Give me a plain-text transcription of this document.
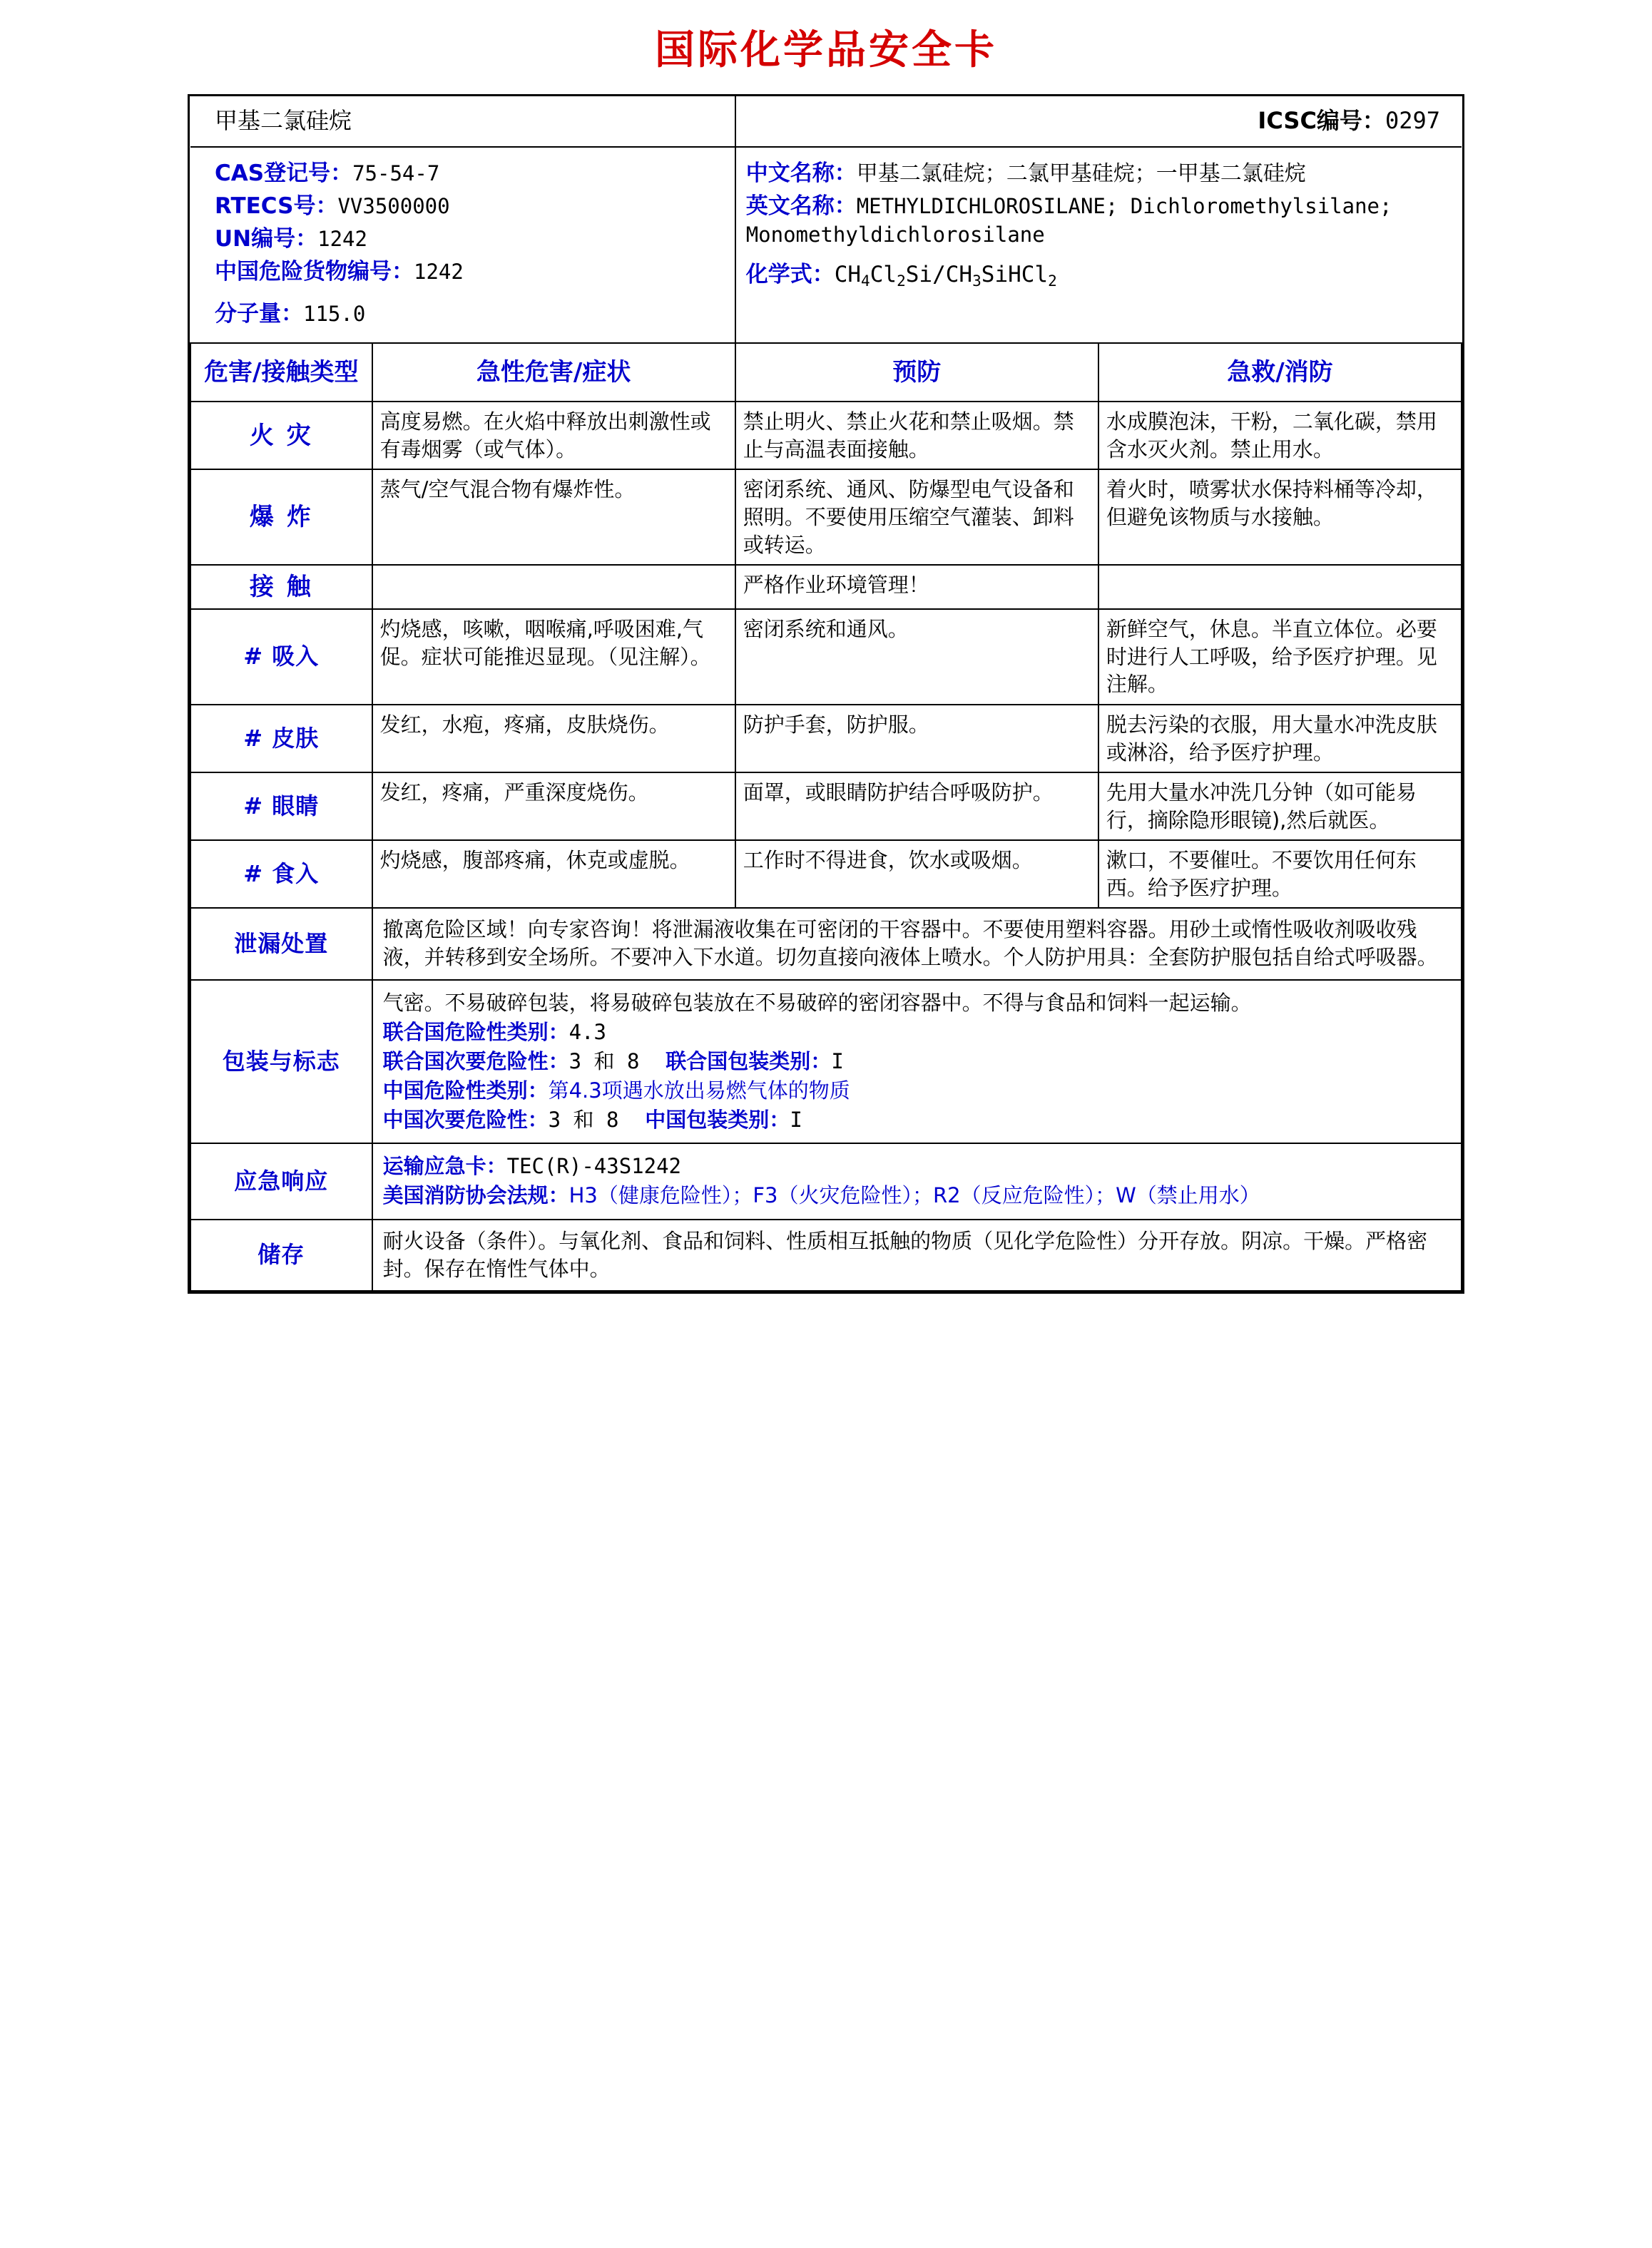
国际化学品安全卡
甲基二氯硅烷		ICSC编号：0297	

CAS登记号：75-54-7
RTECS号：VV3500000
UN编号：1242
中国危险货物编号：1242
分子量：115.0

中文名称：甲基二氯硅烷；二氯甲基硅烷；一甲基二氯硅烷
英文名称：METHYLDICHLOROSILANE; Dichloromethylsilane; Monomethyldichlorosilane
化学式：$CH_4Cl_2Si/CH_3SiHCl_2$

危害/接触类型	急性危害/症状	预防	急救/消防
火 灾	高度易燃。在火焰中释放出刺激性或有毒烟雾（或气体）。	禁止明火、禁止火花和禁止吸烟。禁止与高温表面接触。	水成膜泡沫，干粉，二氧化碳，禁用含水灭火剂。禁止用水。
爆 炸	蒸气/空气混合物有爆炸性。	密闭系统、通风、防爆型电气设备和照明。不要使用压缩空气灌装、卸料或转运。	着火时，喷雾状水保持料桶等冷却，但避免该物质与水接触。
接 触		严格作业环境管理！	
# 吸入	灼烧感，咳嗽，咽喉痛,呼吸困难,气促。症状可能推迟显现。（见注解）。	密闭系统和通风。	新鲜空气，休息。半直立体位。必要时进行人工呼吸，给予医疗护理。见注解。
# 皮肤	发红，水疱，疼痛，皮肤烧伤。	防护手套，防护服。	脱去污染的衣服，用大量水冲洗皮肤或淋浴，给予医疗护理。
# 眼睛	发红，疼痛，严重深度烧伤。	面罩，或眼睛防护结合呼吸防护。	先用大量水冲洗几分钟（如可能易行，摘除隐形眼镜),然后就医。
# 食入	灼烧感，腹部疼痛，休克或虚脱。	工作时不得进食，饮水或吸烟。	漱口，不要催吐。不要饮用任何东西。给予医疗护理。
泄漏处置	撤离危险区域！向专家咨询！将泄漏液收集在可密闭的干容器中。不要使用塑料容器。用砂土或惰性吸收剂吸收残液，并转移到安全场所。不要冲入下水道。切勿直接向液体上喷水。个人防护用具：全套防护服包括自给式呼吸器。		
包装与标志	气密。不易破碎包装，将易破碎包装放在不易破碎的密闭容器中。不得与食品和饲料一起运输。
联合国危险性类别：4.3
联合国次要危险性：3 和 8 联合国包装类别：I
中国危险性类别：第4.3项遇水放出易燃气体的物质
中国次要危险性：3 和 8 中国包装类别：I		

应急响应	运输应急卡：TEC(R)-43S1242
美国消防协会法规：H3（健康危险性）；F3（火灾危险性）；R2（反应危险性）；W（禁止用水）		

储存	耐火设备（条件）。与氧化剂、食品和饲料、性质相互抵触的物质（见化学危险性）分开存放。阴凉。干燥。严格密封。保存在惰性气体中。		
